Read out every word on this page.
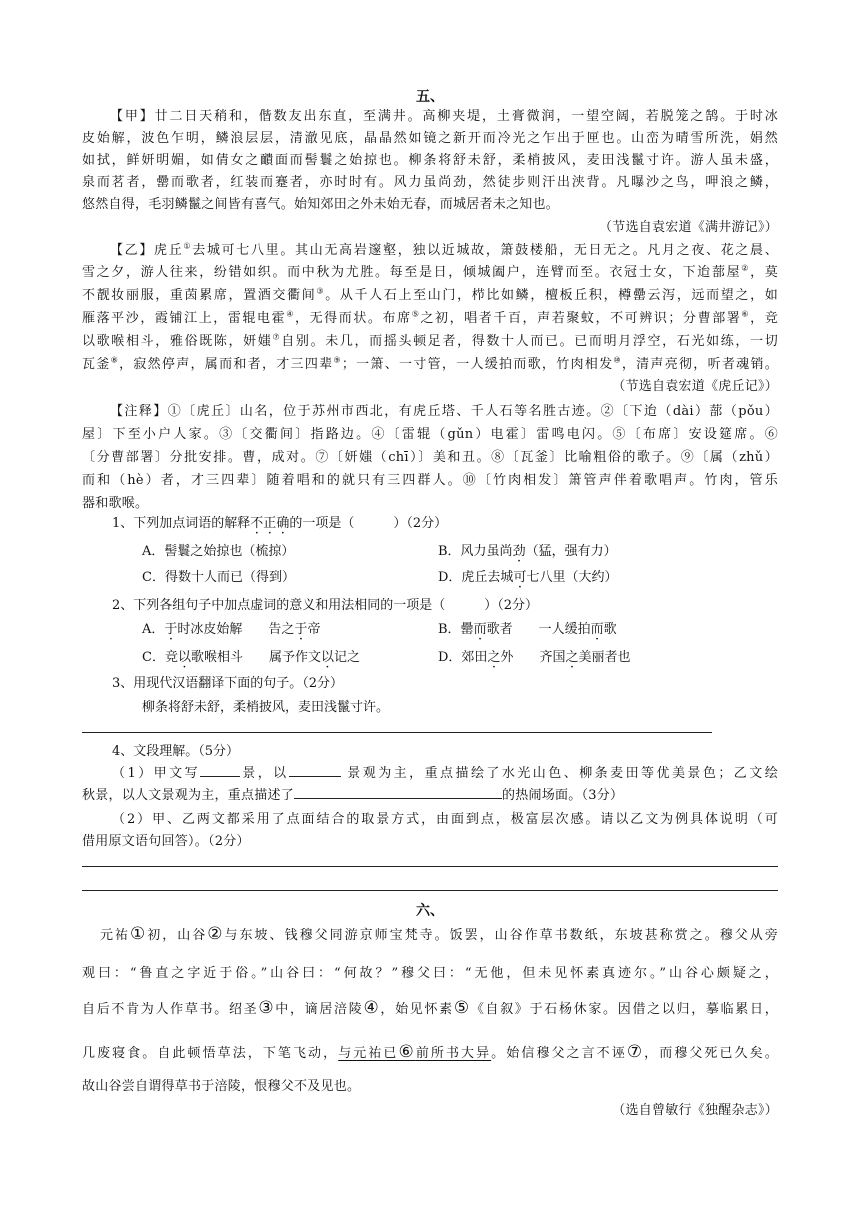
五、
【甲】廿二日天稍和，偕数友出东直，至满井。高柳夹堤，土膏微润，一望空阔，若脱笼之鹄。于时冰
皮始解，波色乍明，鳞浪层层，清澈见底，晶晶然如镜之新开而冷光之乍出于匣也。山峦为晴雪所洗，娟然
如拭，鲜妍明媚，如倩女之靧面而髻鬟之始掠也。柳条将舒未舒，柔梢披风，麦田浅鬣寸许。游人虽未盛，
泉而茗者，罍而歌者，红装而蹇者，亦时时有。风力虽尚劲，然徒步则汗出浃背。凡曝沙之鸟，呷浪之鳞，
悠然自得，毛羽鳞鬣之间皆有喜气。始知郊田之外未始无春，而城居者未之知也。
（节选自袁宏道《满井游记》）
【乙】虎丘①去城可七八里。其山无高岩邃壑，独以近城故，箫鼓楼船，无日无之。凡月之夜、花之晨、
雪之夕，游人往来，纷错如织。而中秋为尤胜。每至是日，倾城阖户，连臂而至。衣冠士女，下迨蔀屋②，莫
不靓妆丽服，重茵累席，置酒交衢间③。从千人石上至山门，栉比如鳞，檀板丘积，樽罍云泻，远而望之，如
雁落平沙，霞铺江上，雷辊电霍④，无得而状。布席⑤之初，唱者千百，声若聚蚊，不可辨识；分曹部署⑥，竞
以歌喉相斗，雅俗既陈，妍媸⑦自别。未几，而摇头顿足者，得数十人而已。已而明月浮空，石光如练，一切
瓦釜⑧，寂然停声，属而和者，才三四辈⑨；一箫、一寸管，一人缓拍而歌，竹肉相发⑩，清声亮彻，听者魂销。
（节选自袁宏道《虎丘记》）
【注释】①〔虎丘〕山名，位于苏州市西北，有虎丘塔、千人石等名胜古迹。②〔下迨（dài）蔀（pǒu）
屋〕下至小户人家。③〔交衢间〕指路边。④〔雷辊（gǔn）电霍〕雷鸣电闪。⑤〔布席〕安设筵席。⑥
〔分曹部署〕分批安排。曹，成对。⑦〔妍媸（chī）〕美和丑。⑧〔瓦釜〕比喻粗俗的歌子。⑨〔属（zhǔ）
而和（hè）者，才三四辈〕随着唱和的就只有三四群人。⑩〔竹肉相发〕箫管声伴着歌唱声。竹肉，管乐
器和歌喉。
1、下列加点词语的解释不正确的一项是（　　　）（2分）
A．髻鬟之始掠也（梳掠）	B．风力虽尚劲（猛，强有力）
C．得数十人而已（得到）	D．虎丘去城可七八里（大约）
2、下列各组句子中加点虚词的意义和用法相同的一项是（　　　）（2分）
A．于时冰皮始解　　告之于帝	B．罍而歌者　　一人缓拍而歌
C．竞以歌喉相斗　　属予作文以记之	D．郊田之外　　齐国之美丽者也
3、用现代汉语翻译下面的句子。（2分）
柳条将舒未舒，柔梢披风，麦田浅鬣寸许。
4、文段理解。（5分）
（1）甲文写	景，以	景观为主，重点描绘了水光山色、柳条麦田等优美景色；乙文绘
秋景，以人文景观为主，重点描述了	的热闹场面。（3分）
（2）甲、乙两文都采用了点面结合的取景方式，由面到点，极富层次感。请以乙文为例具体说明（可
借用原文语句回答）。（2分）
六、
元祐①初，山谷②与东坡、钱穆父同游京师宝梵寺。饭罢，山谷作草书数纸，东坡甚称赏之。穆父从旁
观曰：“鲁直之字近于俗。”山谷曰：“何故？”穆父曰：“无他，但未见怀素真迹尔。”山谷心颇疑之，
自后不肯为人作草书。绍圣③中，谪居涪陵④，始见怀素⑤《自叙》于石杨休家。因借之以归，摹临累日，
几废寝食。自此顿悟草法，下笔飞动，与元祐已⑥前所书大异。始信穆父之言不诬⑦，而穆父死已久矣。
故山谷尝自谓得草书于涪陵，恨穆父不及见也。
（选自曾敏行《独醒杂志》）
